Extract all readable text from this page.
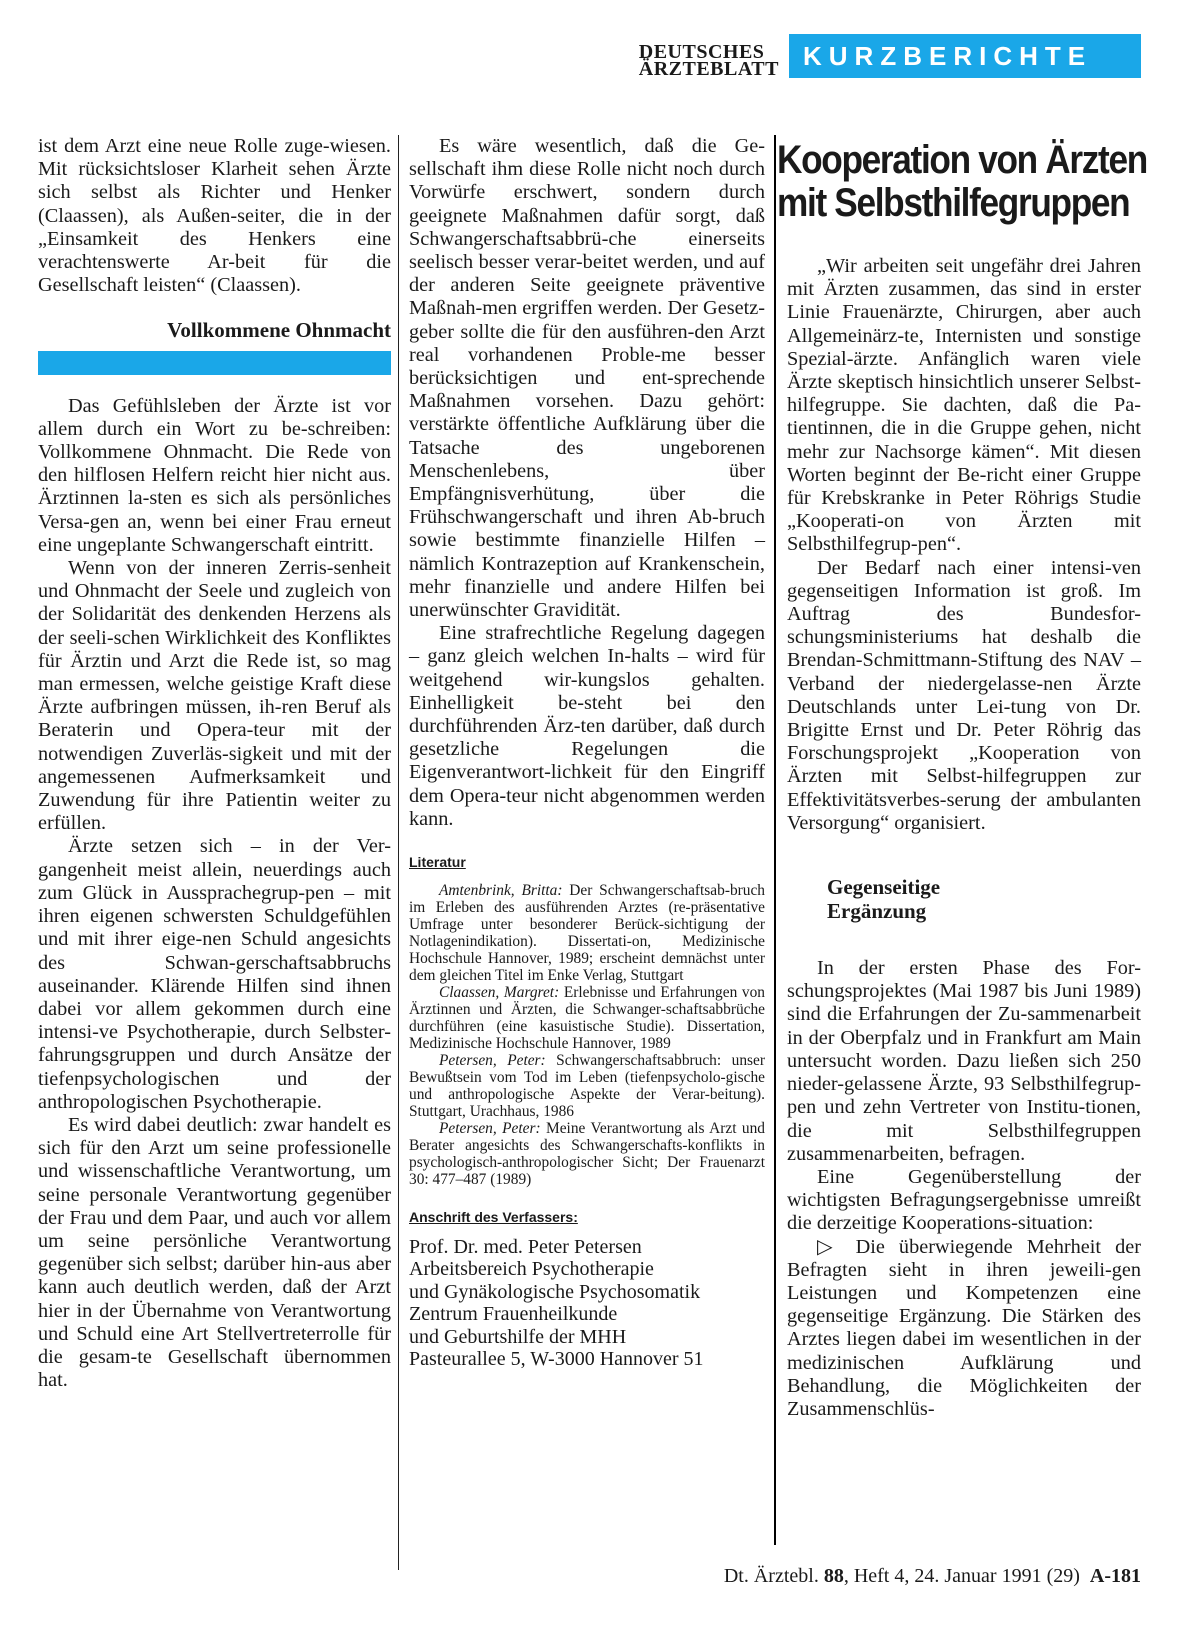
DEUTSCHES
ÄRZTEBLATT KURZBERICHTE

ist dem Arzt eine neue Rolle zuge-wiesen. Mit rücksichtsloser Klarheit sehen Ärzte sich selbst als Richter und Henker (Claassen), als Außen-seiter, die in der „Einsamkeit des Henkers eine verachtenswerte Ar-beit für die Gesellschaft leisten“ (Claassen).

Vollkommene Ohnmacht

Das Gefühlsleben der Ärzte ist vor allem durch ein Wort zu be-schreiben: Vollkommene Ohnmacht. Die Rede von den hilflosen Helfern reicht hier nicht aus. Ärztinnen la-sten es sich als persönliches Versa-gen an, wenn bei einer Frau erneut eine ungeplante Schwangerschaft eintritt.

Wenn von der inneren Zerris-senheit und Ohnmacht der Seele und zugleich von der Solidarität des denkenden Herzens als der seeli-schen Wirklichkeit des Konfliktes für Ärztin und Arzt die Rede ist, so mag man ermessen, welche geistige Kraft diese Ärzte aufbringen müssen, ih-ren Beruf als Beraterin und Opera-teur mit der notwendigen Zuverläs-sigkeit und mit der angemessenen Aufmerksamkeit und Zuwendung für ihre Patientin weiter zu erfüllen.

Ärzte setzen sich – in der Ver-gangenheit meist allein, neuerdings auch zum Glück in Aussprachegrup-pen – mit ihren eigenen schwersten Schuldgefühlen und mit ihrer eige-nen Schuld angesichts des Schwan-gerschaftsabbruchs auseinander. Klärende Hilfen sind ihnen dabei vor allem gekommen durch eine intensi-ve Psychotherapie, durch Selbster-fahrungsgruppen und durch Ansätze der tiefenpsychologischen und der anthropologischen Psychotherapie.

Es wird dabei deutlich: zwar handelt es sich für den Arzt um seine professionelle und wissenschaftliche Verantwortung, um seine personale Verantwortung gegenüber der Frau und dem Paar, und auch vor allem um seine persönliche Verantwortung gegenüber sich selbst; darüber hin-aus aber kann auch deutlich werden, daß der Arzt hier in der Übernahme von Verantwortung und Schuld eine Art Stellvertreterrolle für die gesam-te Gesellschaft übernommen hat.

Es wäre wesentlich, daß die Ge-sellschaft ihm diese Rolle nicht noch durch Vorwürfe erschwert, sondern durch geeignete Maßnahmen dafür sorgt, daß Schwangerschaftsabbrü-che einerseits seelisch besser verar-beitet werden, und auf der anderen Seite geeignete präventive Maßnah-men ergriffen werden. Der Gesetz-geber sollte die für den ausführen-den Arzt real vorhandenen Proble-me besser berücksichtigen und ent-sprechende Maßnahmen vorsehen. Dazu gehört: verstärkte öffentliche Aufklärung über die Tatsache des ungeborenen Menschenlebens, über Empfängnisverhütung, über die Frühschwangerschaft und ihren Ab-bruch sowie bestimmte finanzielle Hilfen – nämlich Kontrazeption auf Krankenschein, mehr finanzielle und andere Hilfen bei unerwünschter Gravidität.

Eine strafrechtliche Regelung dagegen – ganz gleich welchen In-halts – wird für weitgehend wir-kungslos gehalten. Einhelligkeit be-steht bei den durchführenden Ärz-ten darüber, daß durch gesetzliche Regelungen die Eigenverantwort-lichkeit für den Eingriff dem Opera-teur nicht abgenommen werden kann.

Literatur

Amtenbrink, Britta: Der Schwangerschaftsab-bruch im Erleben des ausführenden Arztes (re-präsentative Umfrage unter besonderer Berück-sichtigung der Notlagenindikation). Dissertati-on, Medizinische Hochschule Hannover, 1989; erscheint demnächst unter dem gleichen Titel im Enke Verlag, Stuttgart

Claassen, Margret: Erlebnisse und Erfahrungen von Ärztinnen und Ärzten, die Schwanger-schaftsabbrüche durchführen (eine kasuistische Studie). Dissertation, Medizinische Hochschule Hannover, 1989

Petersen, Peter: Schwangerschaftsabbruch: unser Bewußtsein vom Tod im Leben (tiefenpsycholo-gische und anthropologische Aspekte der Verar-beitung). Stuttgart, Urachhaus, 1986

Petersen, Peter: Meine Verantwortung als Arzt und Berater angesichts des Schwangerschafts-konflikts in psychologisch-anthropologischer Sicht; Der Frauenarzt 30: 477–487 (1989)

Anschrift des Verfassers:
Prof. Dr. med. Peter Petersen
Arbeitsbereich Psychotherapie
und Gynäkologische Psychosomatik
Zentrum Frauenheilkunde
und Geburtshilfe der MHH
Pasteurallee 5, W-3000 Hannover 51
Kooperation von Ärzten
mit Selbsthilfegruppen

„Wir arbeiten seit ungefähr drei Jahren mit Ärzten zusammen, das sind in erster Linie Frauenärzte, Chirurgen, aber auch Allgemeinärz-te, Internisten und sonstige Spezial-ärzte. Anfänglich waren viele Ärzte skeptisch hinsichtlich unserer Selbst-hilfegruppe. Sie dachten, daß die Pa-tientinnen, die in die Gruppe gehen, nicht mehr zur Nachsorge kämen“. Mit diesen Worten beginnt der Be-richt einer Gruppe für Krebskranke in Peter Röhrigs Studie „Kooperati-on von Ärzten mit Selbsthilfegrup-pen“.

Der Bedarf nach einer intensi-ven gegenseitigen Information ist groß. Im Auftrag des Bundesfor-schungsministeriums hat deshalb die Brendan-Schmittmann-Stiftung des NAV – Verband der niedergelasse-nen Ärzte Deutschlands unter Lei-tung von Dr. Brigitte Ernst und Dr. Peter Röhrig das Forschungsprojekt „Kooperation von Ärzten mit Selbst-hilfegruppen zur Effektivitätsverbes-serung der ambulanten Versorgung“ organisiert.

Gegenseitige
Ergänzung

In der ersten Phase des For-schungsprojektes (Mai 1987 bis Juni 1989) sind die Erfahrungen der Zu-sammenarbeit in der Oberpfalz und in Frankfurt am Main untersucht worden. Dazu ließen sich 250 nieder-gelassene Ärzte, 93 Selbsthilfegrup-pen und zehn Vertreter von Institu-tionen, die mit Selbsthilfegruppen zusammenarbeiten, befragen.

Eine Gegenüberstellung der wichtigsten Befragungsergebnisse umreißt die derzeitige Kooperations-situation:

▷ Die überwiegende Mehrheit der Befragten sieht in ihren jeweili-gen Leistungen und Kompetenzen eine gegenseitige Ergänzung. Die Stärken des Arztes liegen dabei im wesentlichen in der medizinischen Aufklärung und Behandlung, die Möglichkeiten der Zusammenschlüs-

Dt. Ärztebl. 88, Heft 4, 24. Januar 1991 (29) A-181
